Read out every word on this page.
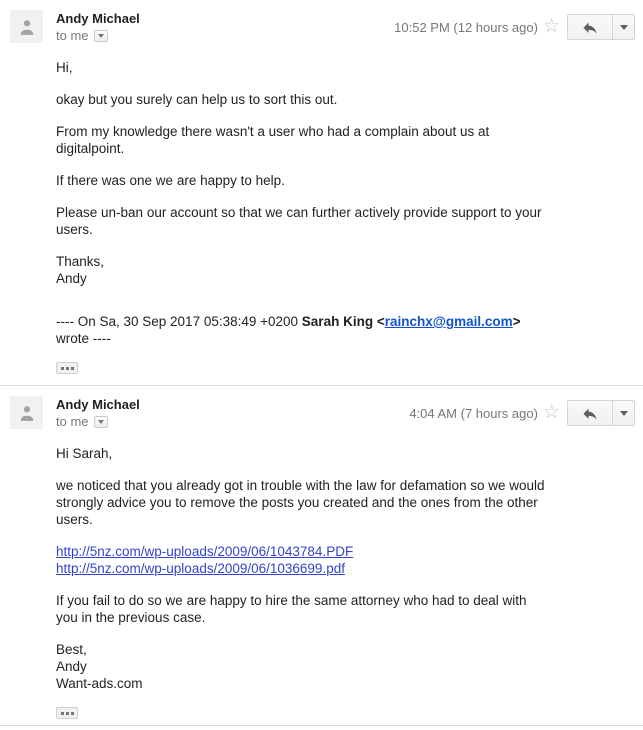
Andy Michael
to me
10:52 PM (12 hours ago) ☆
Hi,
okay but you surely can help us to sort this out.
From my knowledge there wasn't a user who had a complain about us at
digitalpoint.
If there was one we are happy to help.
Please un-ban our account so that we can further actively provide support to your
users.
Thanks,
Andy
---- On Sa, 30 Sep 2017 05:38:49 +0200 Sarah King <rainchx@gmail.com>
wrote ----
Andy Michael
to me
4:04 AM (7 hours ago) ☆
Hi Sarah,
we noticed that you already got in trouble with the law for defamation so we would
strongly advice you to remove the posts you created and the ones from the other
users.
http://5nz.com/wp-uploads/2009/06/1043784.PDF
http://5nz.com/wp-uploads/2009/06/1036699.pdf
If you fail to do so we are happy to hire the same attorney who had to deal with
you in the previous case.
Best,
Andy
Want-ads.com
